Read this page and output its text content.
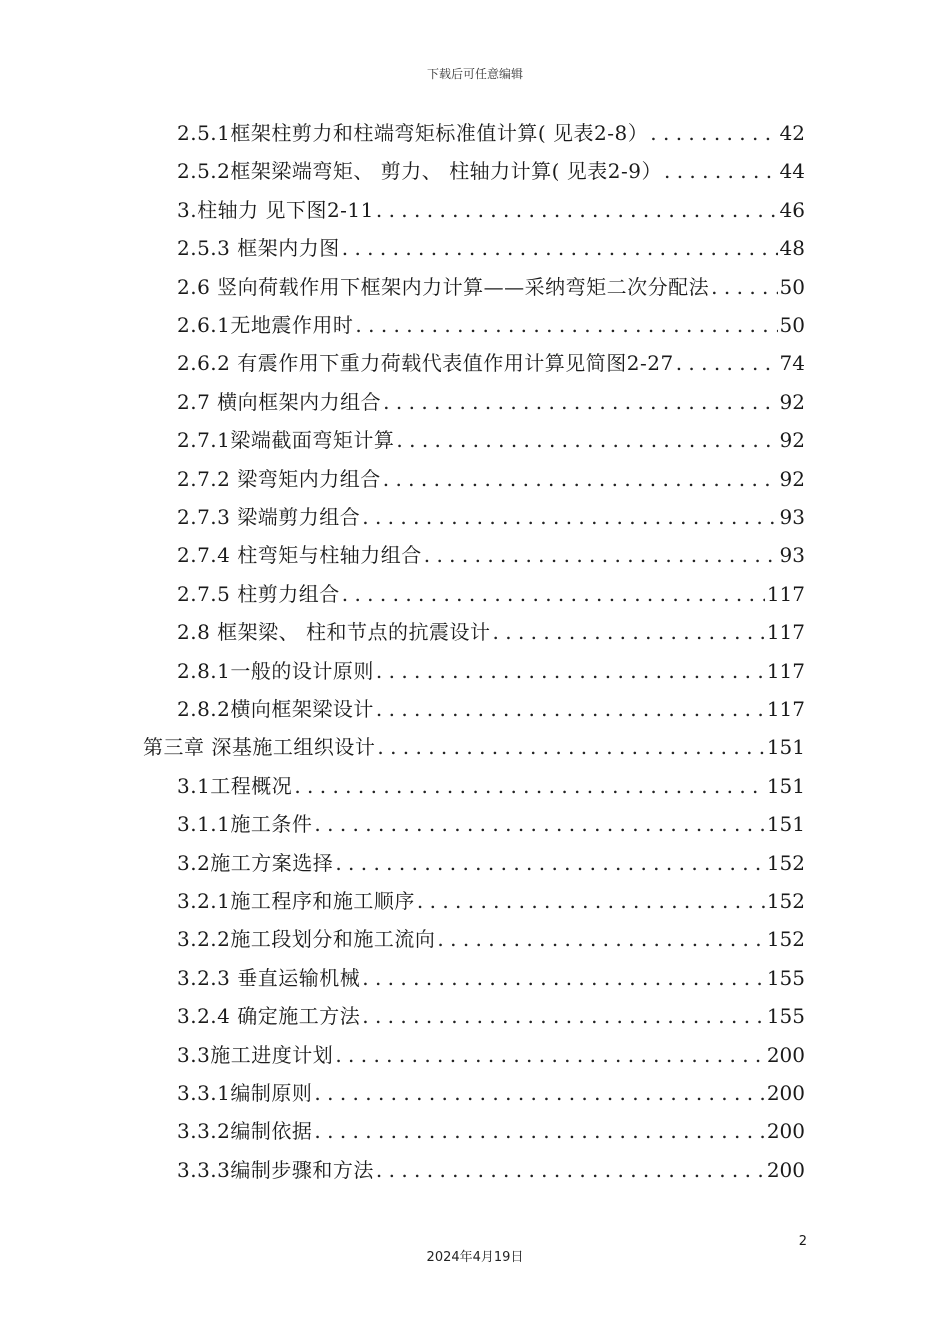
下载后可任意编辑
2.5.1框架柱剪力和柱端弯矩标准值计算( 见表2-8） . . .	42
2.5.2框架梁端弯矩、 剪力、 柱轴力计算( 见表2-9） . . .	44
3.柱轴力 见下图2-11 . . .	46
2.5.3 框架内力图 . . .	48
2.6 竖向荷载作用下框架内力计算——采纳弯矩二次分配法 . . .	50
2.6.1无地震作用时 . . .	50
2.6.2 有震作用下重力荷载代表值作用计算见简图2-27 . . .	74
2.7 横向框架内力组合 . . .	92
2.7.1梁端截面弯矩计算 . . .	92
2.7.2 梁弯矩内力组合 . . .	92
2.7.3 梁端剪力组合 . . .	93
2.7.4 柱弯矩与柱轴力组合 . . .	93
2.7.5 柱剪力组合 . . .	117
2.8 框架梁、 柱和节点的抗震设计 . . .	117
2.8.1一般的设计原则 . . .	117
2.8.2横向框架梁设计 . . .	117
第三章 深基施工组织设计 . . .	151
3.1工程概况 . . .	151
3.1.1施工条件 . . .	151
3.2施工方案选择 . . .	152
3.2.1施工程序和施工顺序 . . .	152
3.2.2施工段划分和施工流向 . . .	152
3.2.3 垂直运输机械 . . .	155
3.2.4 确定施工方法 . . .	155
3.3施工进度计划 . . .	200
3.3.1编制原则 . . .	200
3.3.2编制依据 . . .	200
3.3.3编制步骤和方法 . . .	200
2
2024年4月19日
